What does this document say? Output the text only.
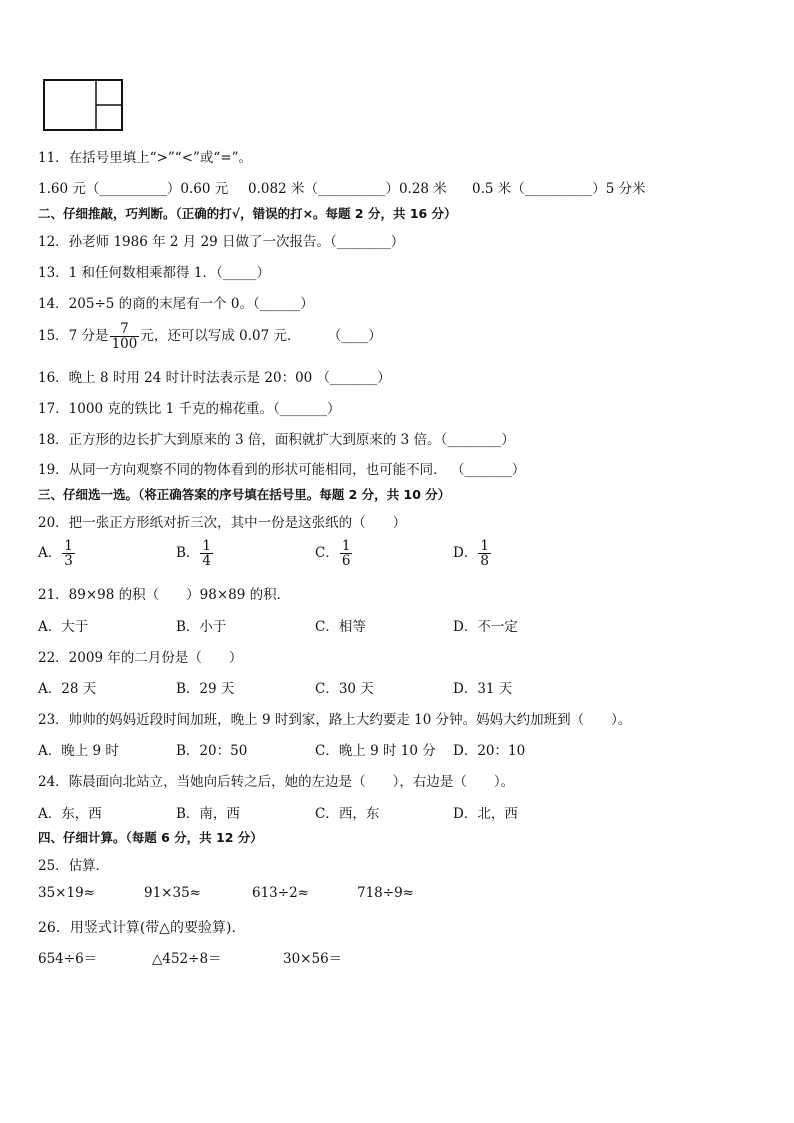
11．在括号里填上“>”“<”或“=”。
1.60 元（__________）0.60 元 0.082 米（__________）0.28 米 0.5 米（__________）5 分米
二、仔细推敲，巧判断。（正确的打√，错误的打×。每题 2 分，共 16 分）
12．孙老师 1986 年 2 月 29 日做了一次报告。（________）
13．1 和任何数相乘都得 1．（_____）
14．205÷5 的商的末尾有一个 0。（______）
15．7 分是 $\frac{7}{100}$ 元，还可以写成 0.07 元．	（____）
16．晚上 8 时用 24 时计时法表示是 20：00 （_______）
17．1000 克的铁比 1 千克的棉花重。（_______）
18．正方形的边长扩大到原来的 3 倍，面积就扩大到原来的 3 倍。（________）
19．从同一方向观察不同的物体看到的形状可能相同，也可能不同． （_______）
三、仔细选一选。（将正确答案的序号填在括号里。每题 2 分，共 10 分）
20．把一张正方形纸对折三次，其中一份是这张纸的（　　）
A． $\frac{1}{3}$	B． $\frac{1}{4}$	C． $\frac{1}{6}$	D． $\frac{1}{8}$
21．89×98 的积（　　）98×89 的积．
A．大于	B．小于	C．相等	D．不一定
22．2009 年的二月份是（　　）
A．28 天	B．29 天	C．30 天	D．31 天
23．帅帅的妈妈近段时间加班，晚上 9 时到家，路上大约要走 10 分钟。妈妈大约加班到（　　）。
A．晚上 9 时	B．20：50	C．晚上 9 时 10 分 D．20：10
24．陈晨面向北站立，当她向后转之后，她的左边是（　　），右边是（　　）。
A．东，西	B．南，西	C．西，东	D．北，西
四、仔细计算。（每题 6 分，共 12 分）
25．估算．
35×19≈	91×35≈	613÷2≈	718÷9≈
26．用竖式计算(带△的要验算).
654÷6＝	△452÷8＝	30×56＝
